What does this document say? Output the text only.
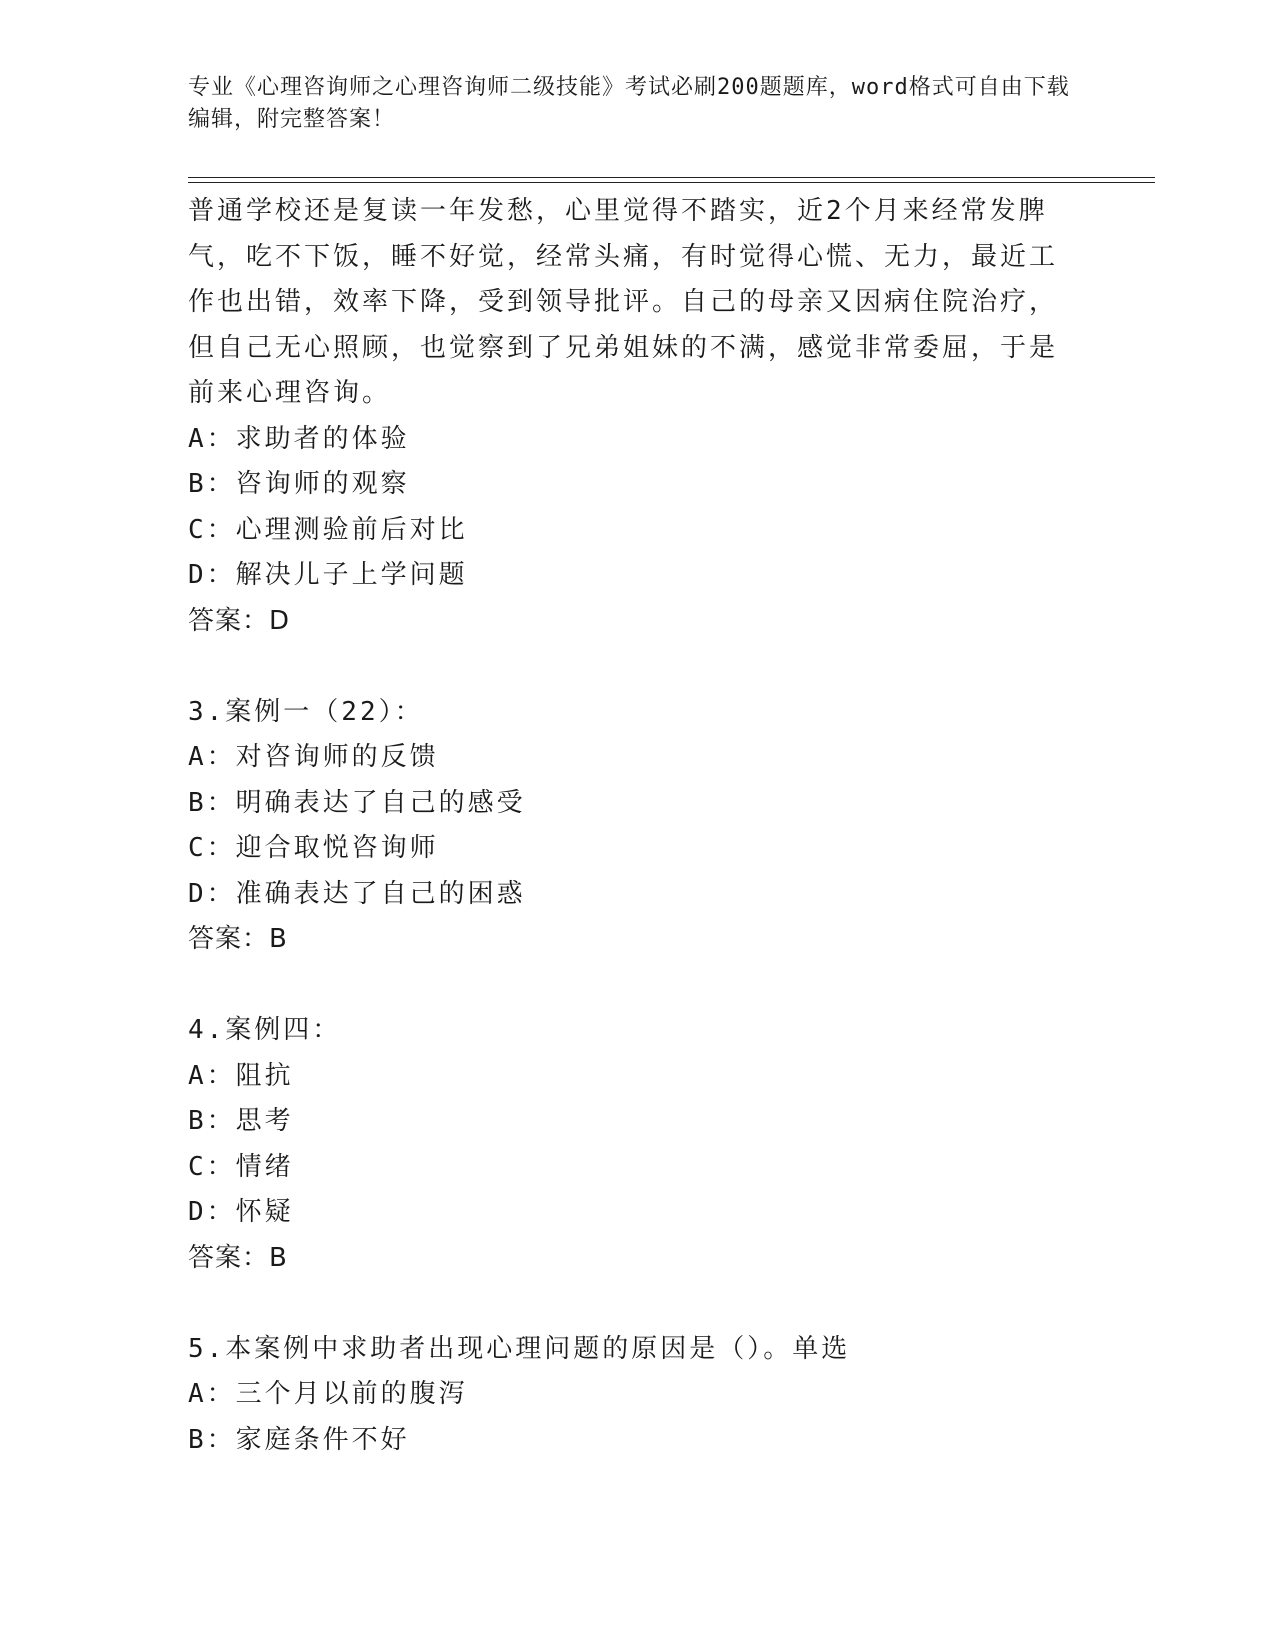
专业《心理咨询师之心理咨询师二级技能》考试必刷200题题库，word格式可自由下载编辑，附完整答案！

普通学校还是复读一年发愁，心里觉得不踏实，近2个月来经常发脾气，吃不下饭，睡不好觉，经常头痛，有时觉得心慌、无力，最近工作也出错，效率下降，受到领导批评。自己的母亲又因病住院治疗，但自己无心照顾，也觉察到了兄弟姐妹的不满，感觉非常委屈，于是前来心理咨询。

A：求助者的体验

B：咨询师的观察

C：心理测验前后对比

D：解决儿子上学问题

答案：D

3.案例一（22）：

A：对咨询师的反馈

B：明确表达了自己的感受

C：迎合取悦咨询师

D：准确表达了自己的困惑

答案：B

4.案例四：

A：阻抗

B：思考

C：情绪

D：怀疑

答案：B

5.本案例中求助者出现心理问题的原因是（）。单选

A：三个月以前的腹泻

B：家庭条件不好
